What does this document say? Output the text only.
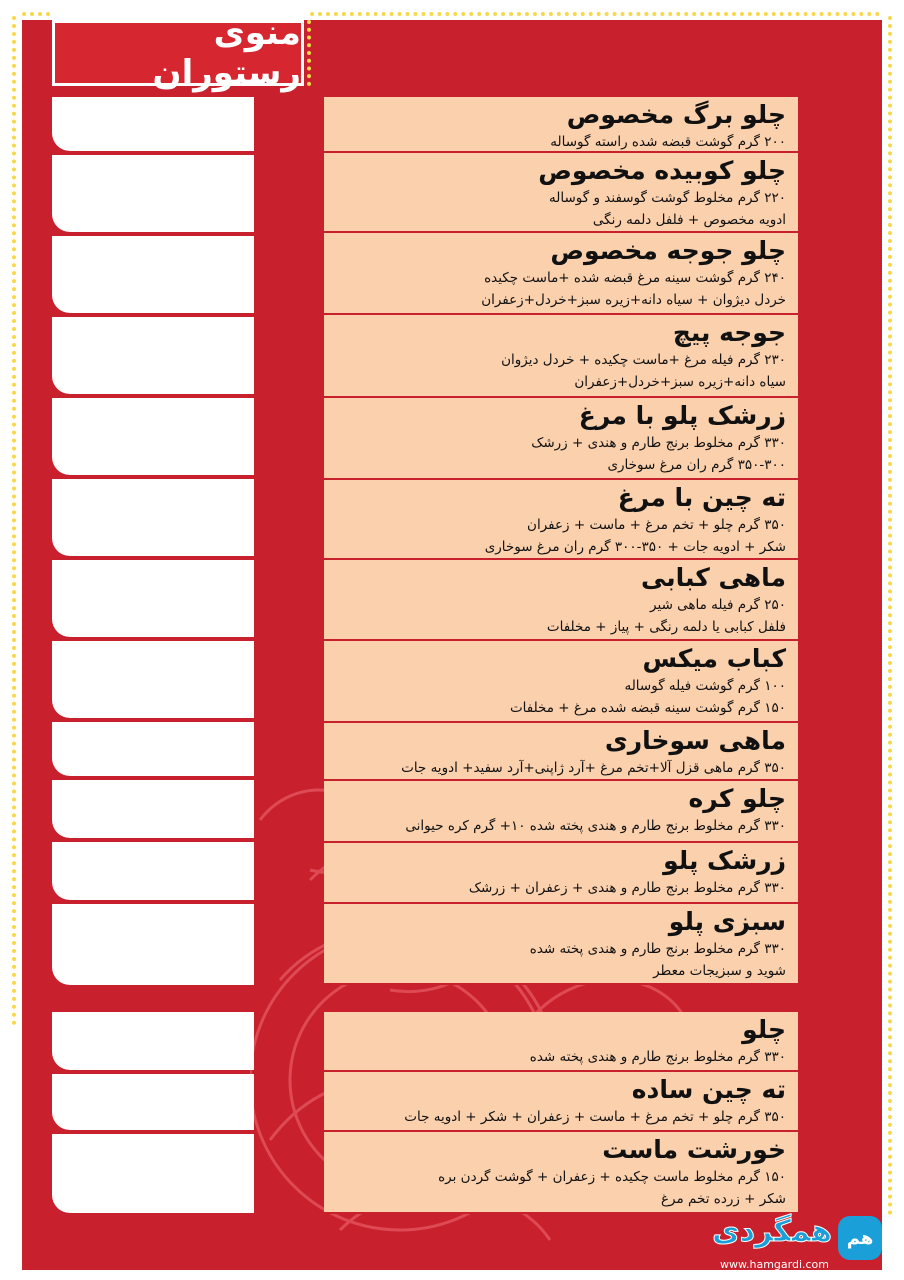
منوی رستوران
چلو برگ مخصوص
۲۰۰ گرم گوشت قبضه شده راسته گوساله
چلو کوبیده مخصوص
۲۲۰ گرم مخلوط گوشت گوسفند و گوساله
ادویه مخصوص + فلفل دلمه رنگی
چلو جوجه مخصوص
۲۴۰ گرم گوشت سینه مرغ قبضه شده +ماست چکیده
خردل دیژوان + سیاه دانه+زیره سبز+خردل+زعفران
جوجه پیچ
۲۳۰ گرم فیله مرغ +ماست چکیده + خردل دیژوان
سیاه دانه+زیره سبز+خردل+زعفران
زرشک پلو با مرغ
۳۳۰ گرم مخلوط برنج طارم و هندی + زرشک
۳۵۰-۳۰۰ گرم ران مرغ سوخاری
ته چین با مرغ
۳۵۰ گرم چلو + تخم مرغ + ماست + زعفران
شکر + ادویه جات + ۳۵۰-۳۰۰ گرم ران مرغ سوخاری
ماهی کبابی
۲۵۰ گرم فیله ماهی شیر
فلفل کبابی یا دلمه رنگی + پیاز + مخلفات
کباب میکس
۱۰۰ گرم گوشت فیله گوساله
۱۵۰ گرم گوشت سینه قبضه شده مرغ + مخلفات
ماهی سوخاری
۳۵۰ گرم ماهی قزل آلا+تخم مرغ +آرد ژاپنی+آرد سفید+ ادویه جات
چلو کره
۳۳۰ گرم مخلوط برنج طارم و هندی پخته شده ۱۰+ گرم کره حیوانی
زرشک پلو
۳۳۰ گرم مخلوط برنج طارم و هندی + زعفران + زرشک
سبزی پلو
۳۳۰ گرم مخلوط برنج طارم و هندی پخته شده
شوید و سبزیجات معطر
چلو
۳۳۰ گرم مخلوط برنج طارم و هندی پخته شده
ته چین ساده
۳۵۰ گرم چلو + تخم مرغ + ماست + زعفران + شکر + ادویه جات
خورشت ماست
۱۵۰ گرم مخلوط ماست چکیده + زعفران + گوشت گردن بره
شکر + زرده تخم مرغ
هم
همگردی
www.hamgardi.com
